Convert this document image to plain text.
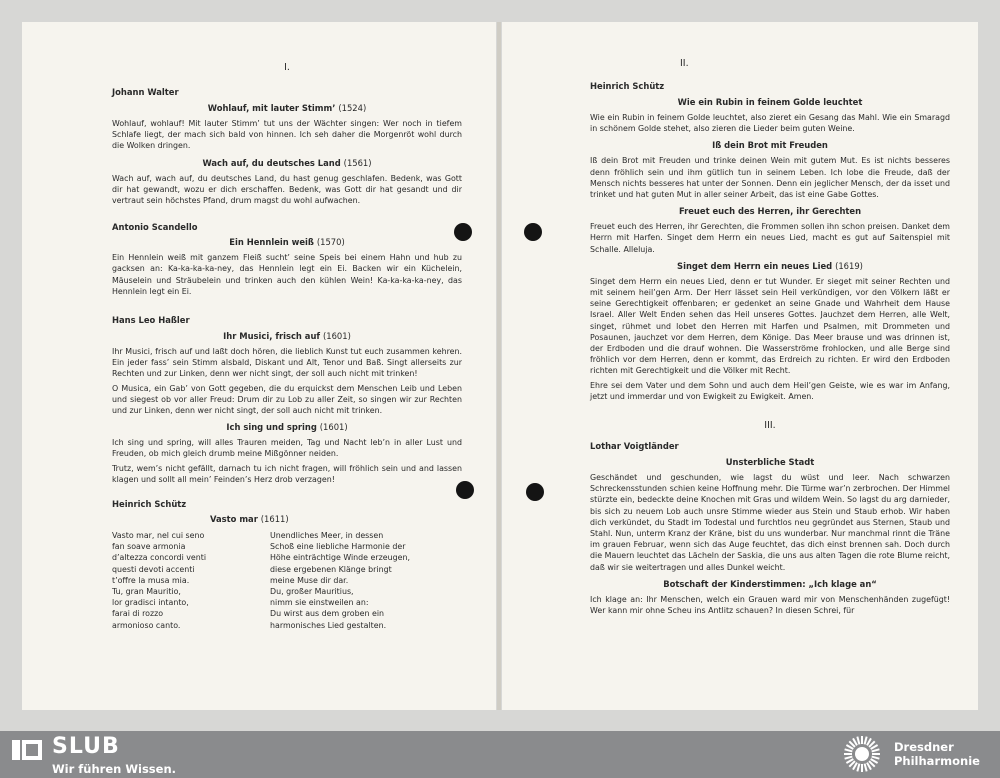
I.
Johann Walter
Wohlauf, mit lauter Stimm’ (1524)
Wohlauf, wohlauf! Mit lauter Stimm’ tut uns der Wächter singen: Wer noch in tiefem Schlafe liegt, der mach sich bald von hinnen. Ich seh daher die Morgenröt wohl durch die Wolken dringen.
Wach auf, du deutsches Land (1561)
Wach auf, wach auf, du deutsches Land, du hast genug geschlafen. Bedenk, was Gott dir hat gewandt, wozu er dich erschaffen. Bedenk, was Gott dir hat gesandt und dir vertraut sein höchstes Pfand, drum magst du wohl aufwachen.
Antonio Scandello
Ein Hennlein weiß (1570)
Ein Hennlein weiß mit ganzem Fleiß sucht’ seine Speis bei einem Hahn und hub zu gacksen an: Ka-ka-ka-ka-ney, das Hennlein legt ein Ei. Backen wir ein Küchelein, Mäuselein und Sträubelein und trinken auch den kühlen Wein! Ka-ka-ka-ka-ney, das Hennlein legt ein Ei.
Hans Leo Haßler
Ihr Musici, frisch auf (1601)

Ihr Musici, frisch auf und laßt doch hören, die lieblich Kunst tut euch zusammen kehren. Ein jeder fass’ sein Stimm alsbald, Diskant und Alt, Tenor und Baß. Singt allerseits zur Rechten und zur Linken, denn wer nicht singt, der soll auch nicht mit trinken!

O Musica, ein Gab’ von Gott gegeben, die du erquickst dem Menschen Leib und Leben und siegest ob vor aller Freud: Drum dir zu Lob zu aller Zeit, so singen wir zur Rechten und zur Linken, denn wer nicht singt, der soll auch nicht mit trinken.

Ich sing und spring (1601)

Ich sing und spring, will alles Trauren meiden, Tag und Nacht leb’n in aller Lust und Freuden, ob mich gleich drumb meine Mißgönner neiden.

Trutz, wem’s nicht gefällt, darnach tu ich nicht fragen, will fröhlich sein und and lassen klagen und sollt all mein’ Feinden’s Herz drob verzagen!

Heinrich Schütz
Vasto mar (1611)
Vasto mar, nel cui seno
fan soave armonia
d’altezza concordi venti
questi devoti accenti
t’offre la musa mia.
Tu, gran Mauritio,
lor gradisci intanto,
farai di rozzo
armonioso canto.
Unendliches Meer, in dessen
Schoß eine liebliche Harmonie der
Höhe einträchtige Winde erzeugen,
diese ergebenen Klänge bringt
meine Muse dir dar.
Du, großer Mauritius,
nimm sie einstweilen an:
Du wirst aus dem groben ein
harmonisches Lied gestalten.
II.
Heinrich Schütz
Wie ein Rubin in feinem Golde leuchtet
Wie ein Rubin in feinem Golde leuchtet, also zieret ein Gesang das Mahl. Wie ein Smaragd in schönem Golde stehet, also zieren die Lieder beim guten Weine.
Iß dein Brot mit Freuden
Iß dein Brot mit Freuden und trinke deinen Wein mit gutem Mut. Es ist nichts besseres denn fröhlich sein und ihm gütlich tun in seinem Leben. Ich lobe die Freude, daß der Mensch nichts besseres hat unter der Sonnen. Denn ein jeglicher Mensch, der da isset und trinket und hat guten Mut in aller seiner Arbeit, das ist eine Gabe Gottes.
Freuet euch des Herren, ihr Gerechten
Freuet euch des Herren, ihr Gerechten, die Frommen sollen ihn schon preisen. Danket dem Herrn mit Harfen. Singet dem Herrn ein neues Lied, macht es gut auf Saitenspiel mit Schalle. Alleluja.
Singet dem Herrn ein neues Lied (1619)

Singet dem Herrn ein neues Lied, denn er tut Wunder. Er sieget mit seiner Rechten und mit seinem heil’gen Arm. Der Herr lässet sein Heil verkündigen, vor den Völkern läßt er seine Gerechtigkeit offenbaren; er gedenket an seine Gnade und Wahrheit dem Hause Israel. Aller Welt Enden sehen das Heil unseres Gottes. Jauchzet dem Herren, alle Welt, singet, rühmet und lobet den Herren mit Harfen und Psalmen, mit Drommeten und Posaunen, jauchzet vor dem Herren, dem Könige. Das Meer brause und was drinnen ist, der Erdboden und die drauf wohnen. Die Wasserströme frohlocken, und alle Berge sind fröhlich vor dem Herren, denn er kommt, das Erdreich zu richten. Er wird den Erdboden richten mit Gerechtigkeit und die Völker mit Recht.

Ehre sei dem Vater und dem Sohn und auch dem Heil’gen Geiste, wie es war im Anfang, jetzt und immerdar und von Ewigkeit zu Ewigkeit. Amen.

III.
Lothar Voigtländer
Unsterbliche Stadt
Geschändet und geschunden, wie lagst du wüst und leer. Nach schwarzen Schreckensstunden schien keine Hoffnung mehr. Die Türme war’n zerbrochen. Der Himmel stürzte ein, bedeckte deine Knochen mit Gras und wildem Wein. So lagst du arg darnieder, bis sich zu neuem Lob auch unsre Stimme wieder aus Stein und Staub erhob. Wir haben dich verkündet, du Stadt im Todestal und furchtlos neu gegründet aus Sternen, Staub und Stahl. Nun, unterm Kranz der Kräne, bist du uns wunderbar. Nur manchmal rinnt die Träne im grauen Februar, wenn sich das Auge feuchtet, das dich einst brennen sah. Doch durch die Mauern leuchtet das Lächeln der Saskia, die uns aus alten Tagen die rote Blume reicht, daß wir sie weitertragen und alles Dunkel weicht.
Botschaft der Kinderstimmen: „Ich klage an“
Ich klage an: Ihr Menschen, welch ein Grauen ward mir von Menschenhänden zugefügt! Wer kann mir ohne Scheu ins Antlitz schauen? In diesen Schrei, für
SLUB
Wir führen Wissen.
Dresdner
Philharmonie
